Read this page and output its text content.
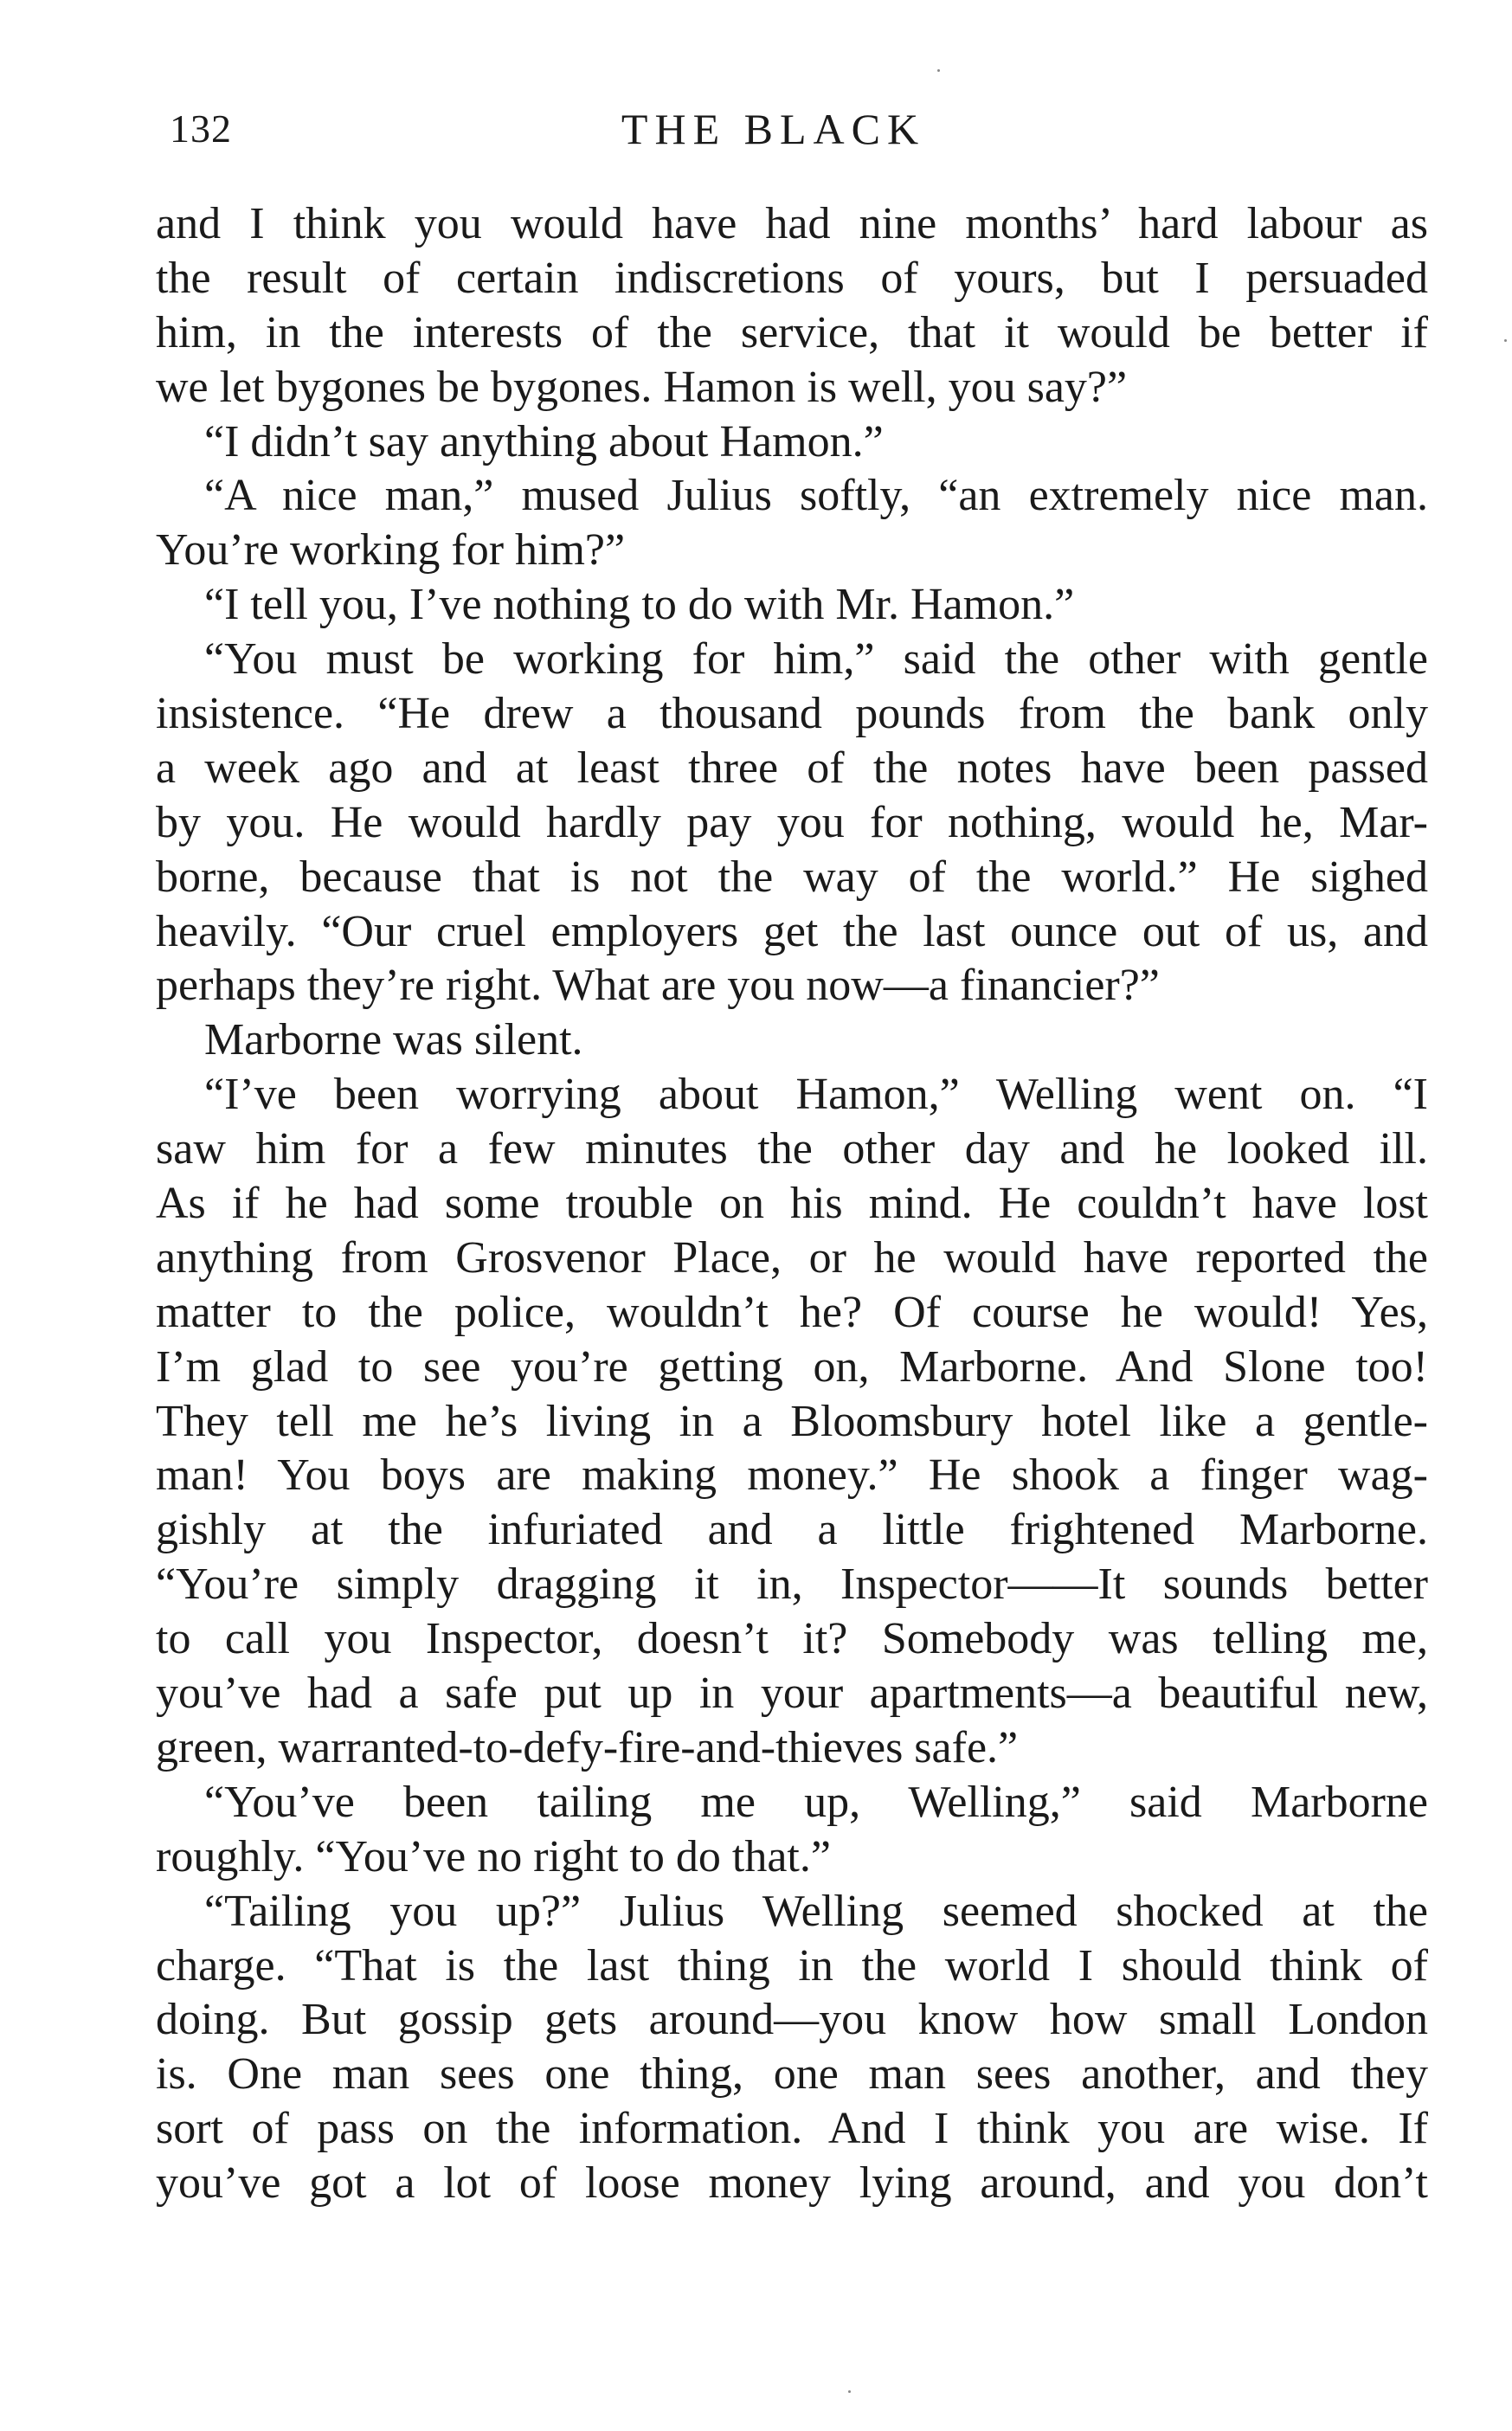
132	THE BLACK
and I think you would have had nine months’ hard labour as
the result of certain indiscretions of yours, but I persuaded
him, in the interests of the service, that it would be better if
we let bygones be bygones. Hamon is well, you say?”
“I didn’t say anything about Hamon.”
“A nice man,” mused Julius softly, “an extremely nice man.
You’re working for him?”
“I tell you, I’ve nothing to do with Mr. Hamon.”
“You must be working for him,” said the other with gentle
insistence. “He drew a thousand pounds from the bank only
a week ago and at least three of the notes have been passed
by you. He would hardly pay you for nothing, would he, Mar-
borne, because that is not the way of the world.” He sighed
heavily. “Our cruel employers get the last ounce out of us, and
perhaps they’re right. What are you now—a financier?”
Marborne was silent.
“I’ve been worrying about Hamon,” Welling went on. “I
saw him for a few minutes the other day and he looked ill.
As if he had some trouble on his mind. He couldn’t have lost
anything from Grosvenor Place, or he would have reported the
matter to the police, wouldn’t he? Of course he would! Yes,
I’m glad to see you’re getting on, Marborne. And Slone too!
They tell me he’s living in a Bloomsbury hotel like a gentle-
man! You boys are making money.” He shook a finger wag-
gishly at the infuriated and a little frightened Marborne.
“You’re simply dragging it in, Inspector——It sounds better
to call you Inspector, doesn’t it? Somebody was telling me,
you’ve had a safe put up in your apartments—a beautiful new,
green, warranted-to-defy-fire-and-thieves safe.”
“You’ve been tailing me up, Welling,” said Marborne
roughly. “You’ve no right to do that.”
“Tailing you up?” Julius Welling seemed shocked at the
charge. “That is the last thing in the world I should think of
doing. But gossip gets around—you know how small London
is. One man sees one thing, one man sees another, and they
sort of pass on the information. And I think you are wise. If
you’ve got a lot of loose money lying around, and you don’t
